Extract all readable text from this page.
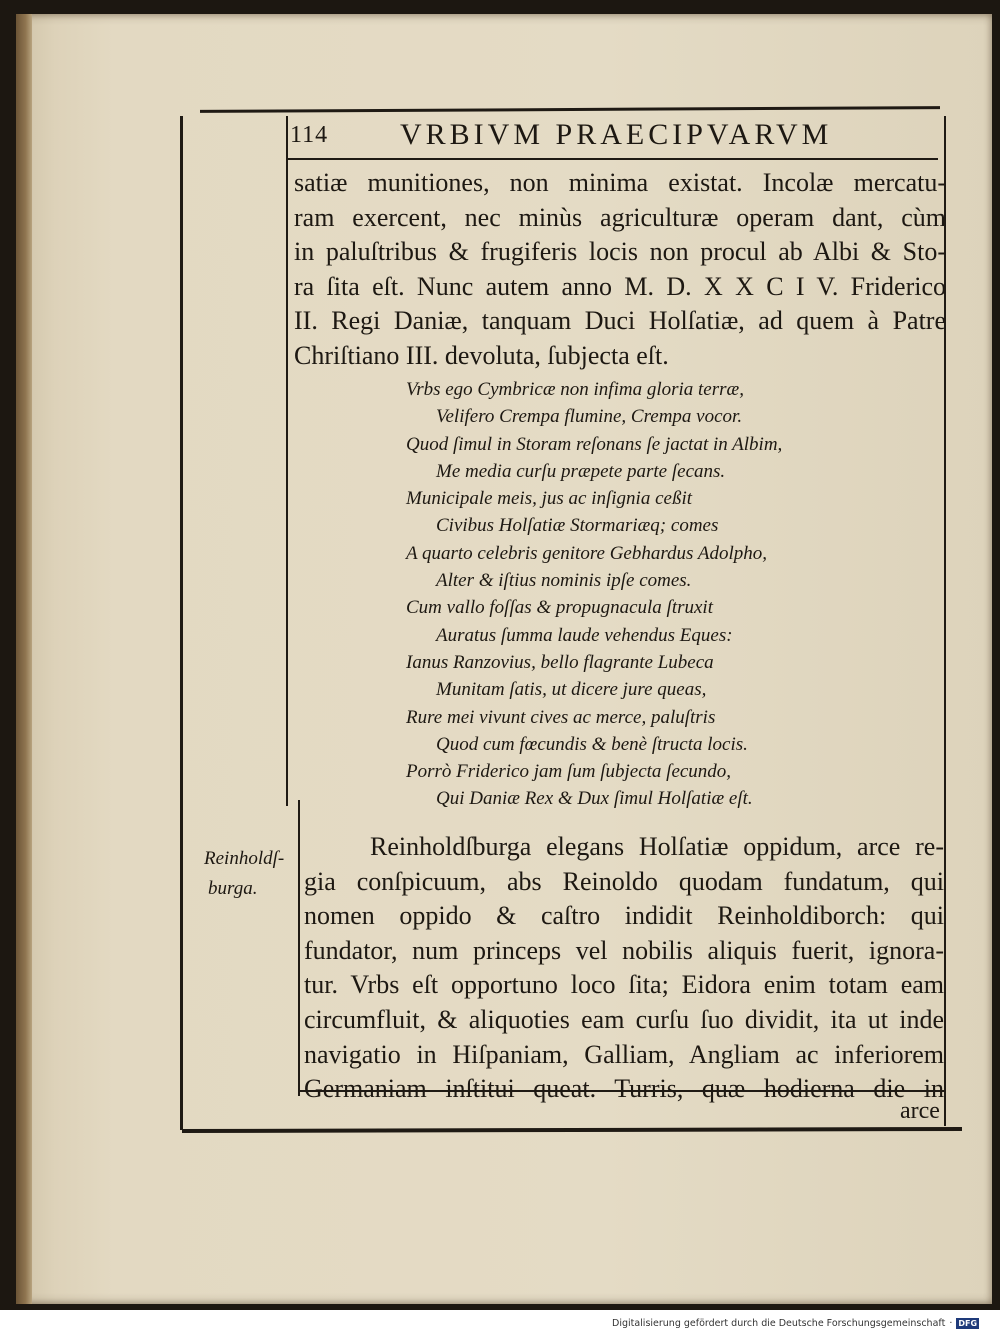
114 VRBIVM PRAECIPVARVM
satiæ munitiones, non minima existat. Incolæ mercatu-
ram exercent, nec minùs agriculturæ operam dant, cùm
in paluſtribus & frugiferis locis non procul ab Albi & Sto-
ra ſita eſt. Nunc autem anno M. D. X X C I V. Friderico
II. Regi Daniæ, tanquam Duci Holſatiæ, ad quem à Patre
Chriſtiano III. devoluta, ſubjecta eſt.
Vrbs ego Cymbricæ non infima gloria terræ,
Velifero Crempa flumine, Crempa vocor.
Quod ſimul in Storam reſonans ſe jactat in Albim,
Me media curſu præpete parte ſecans.
Municipale meis, jus ac inſignia ceßit
Civibus Holſatiæ Stormariæq; comes
A quarto celebris genitore Gebhardus Adolpho,
Alter & iſtius nominis ipſe comes.
Cum vallo foſſas & propugnacula ſtruxit
Auratus ſumma laude vehendus Eques:
Ianus Ranzovius, bello flagrante Lubeca
Munitam ſatis, ut dicere jure queas,
Rure mei vivunt cives ac merce, paluſtris
Quod cum fœcundis & benè ſtructa locis.
Porrò Friderico jam ſum ſubjecta ſecundo,
Qui Daniæ Rex & Dux ſimul Holſatiæ eſt.
Reinholdſ-
burga.
Reinholdſburga elegans Holſatiæ oppidum, arce re-
gia conſpicuum, abs Reinoldo quodam fundatum, qui
nomen oppido & caſtro indidit Reinholdiborch: qui
fundator, num princeps vel nobilis aliquis fuerit, ignora-
tur. Vrbs eſt opportuno loco ſita; Eidora enim totam eam
circumfluit, & aliquoties eam curſu ſuo dividit, ita ut inde
navigatio in Hiſpaniam, Galliam, Angliam ac inferiorem
Germaniam inſtitui queat. Turris, quæ hodierna die in
arce
Digitalisierung gefördert durch die Deutsche Forschungsgemeinschaft · DFG
